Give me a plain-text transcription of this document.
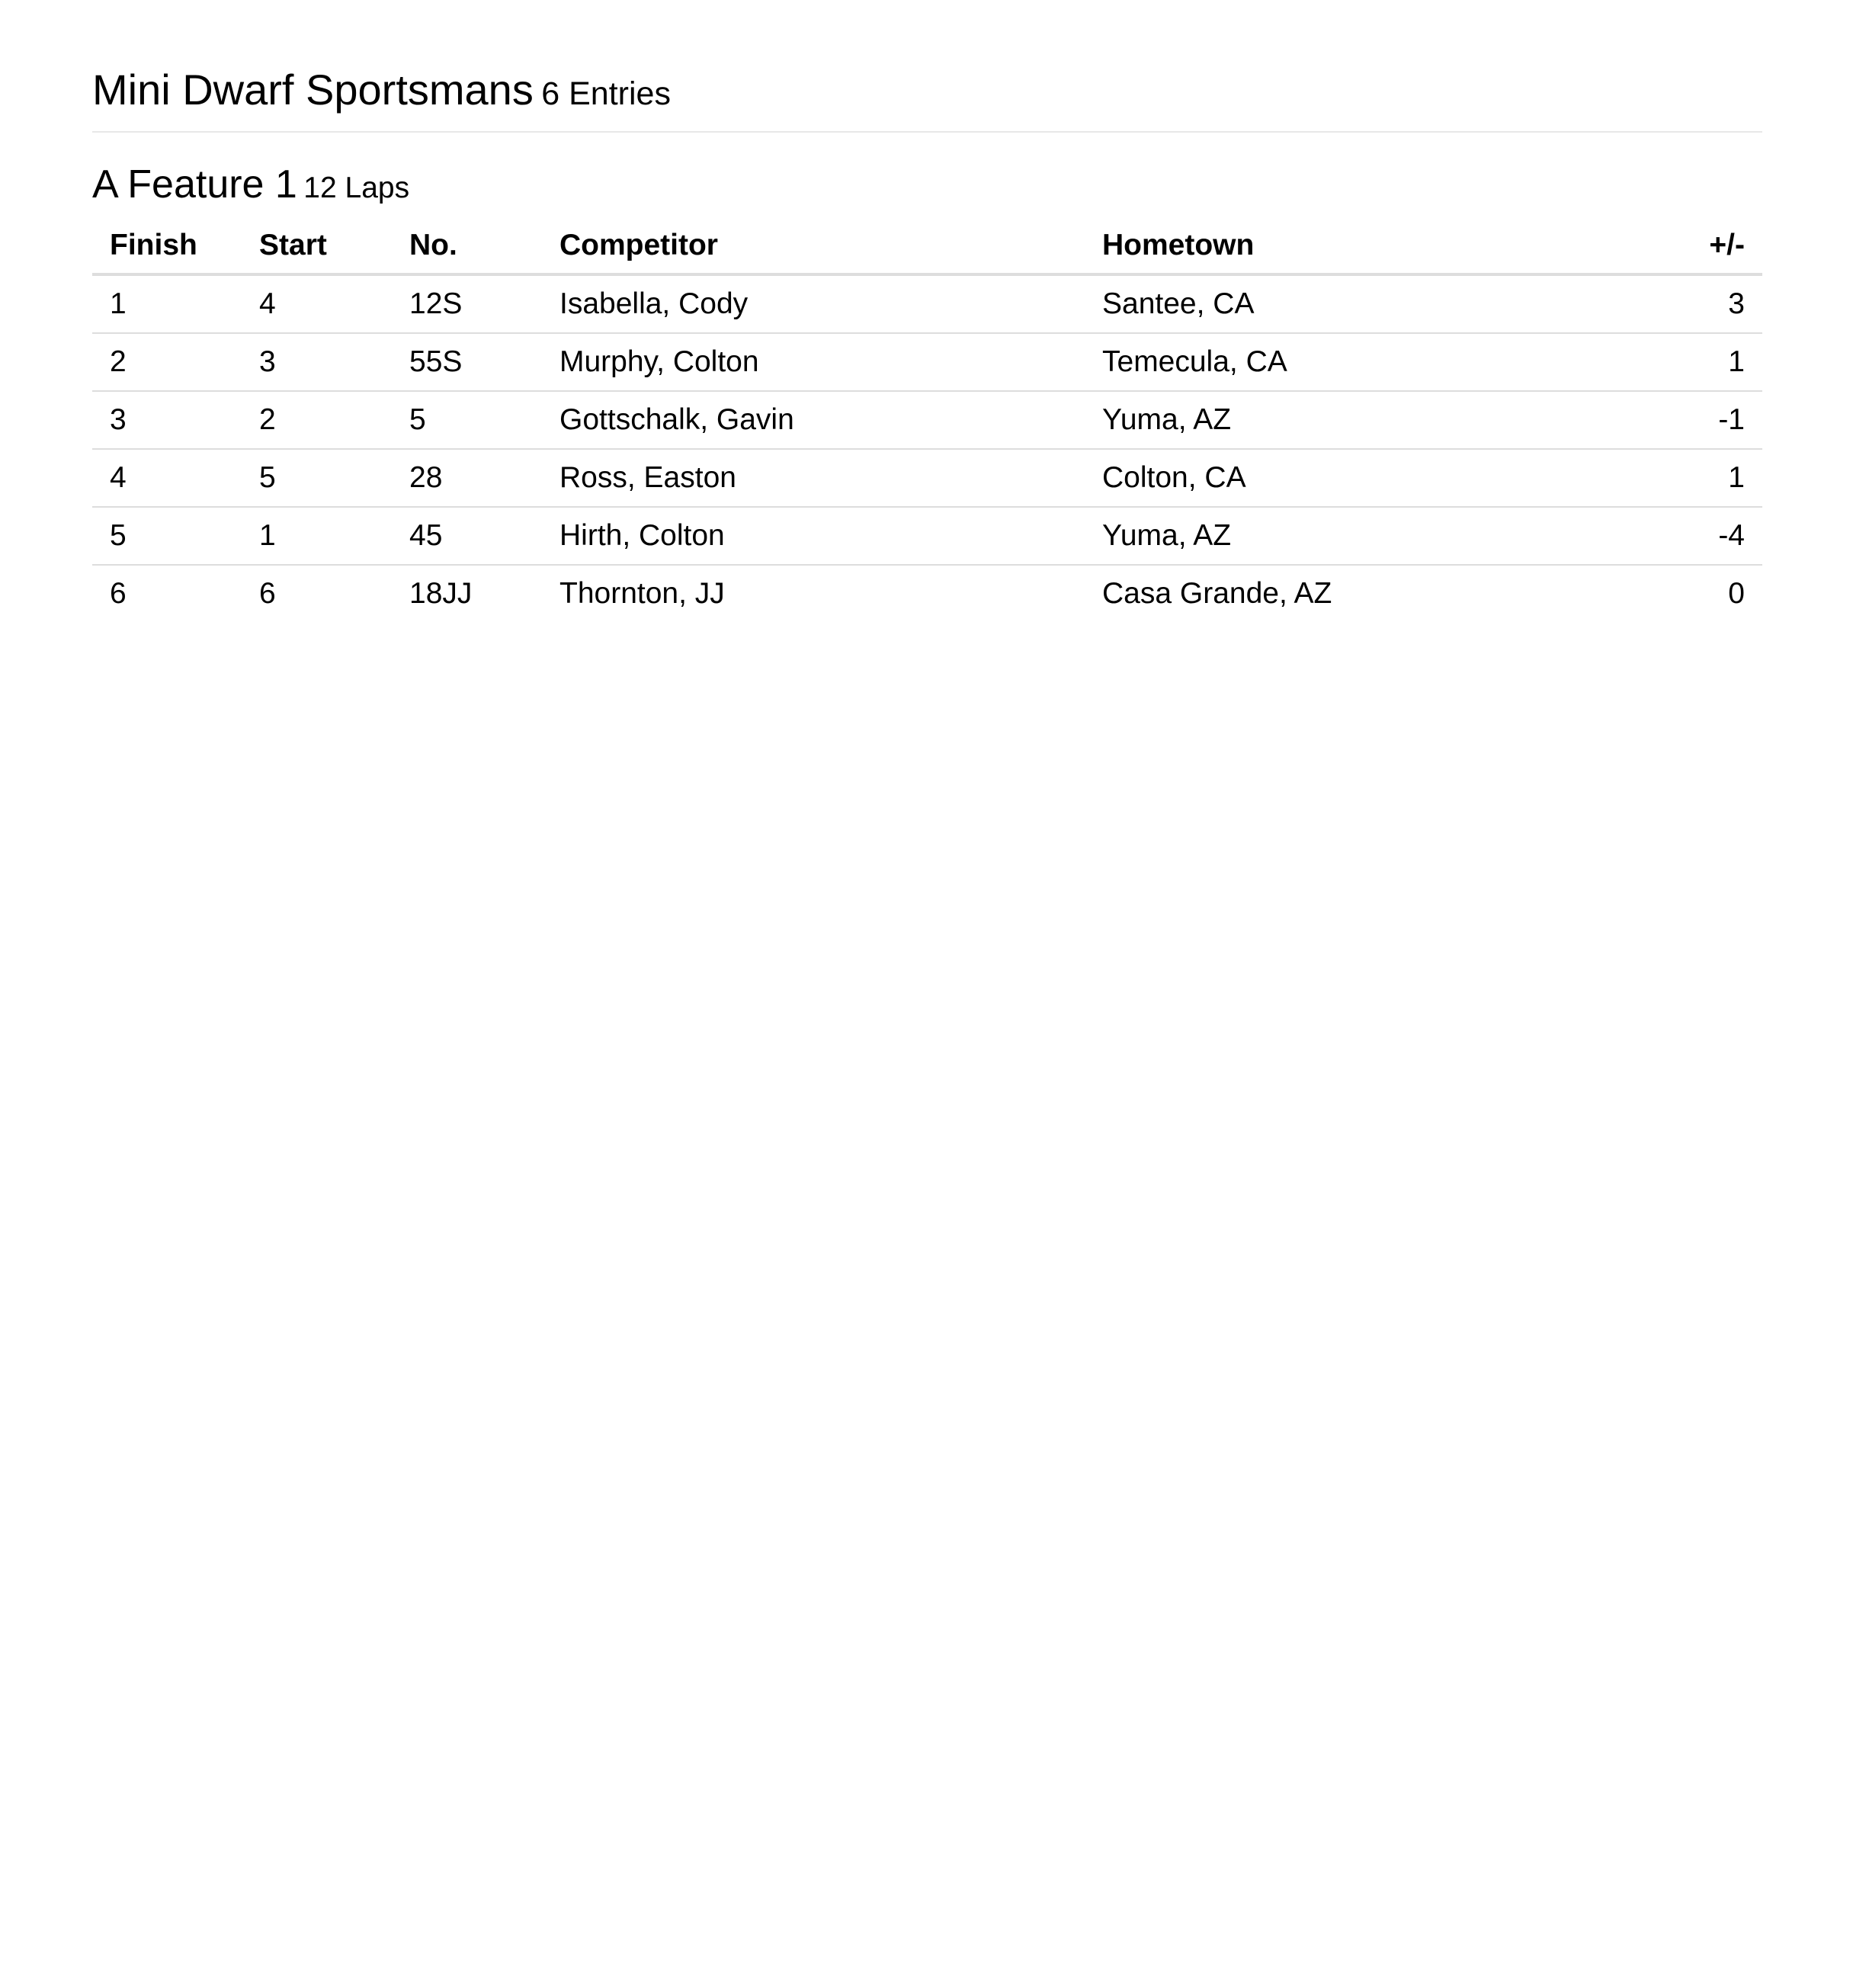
Mini Dwarf Sportsmans 6 Entries
A Feature 1 12 Laps
Finish	Start	No.	Competitor	Hometown	+/-
1	4	12S	Isabella, Cody	Santee, CA	3
2	3	55S	Murphy, Colton	Temecula, CA	1
3	2	5	Gottschalk, Gavin	Yuma, AZ	-1
4	5	28	Ross, Easton	Colton, CA	1
5	1	45	Hirth, Colton	Yuma, AZ	-4
6	6	18JJ	Thornton, JJ	Casa Grande, AZ	0
